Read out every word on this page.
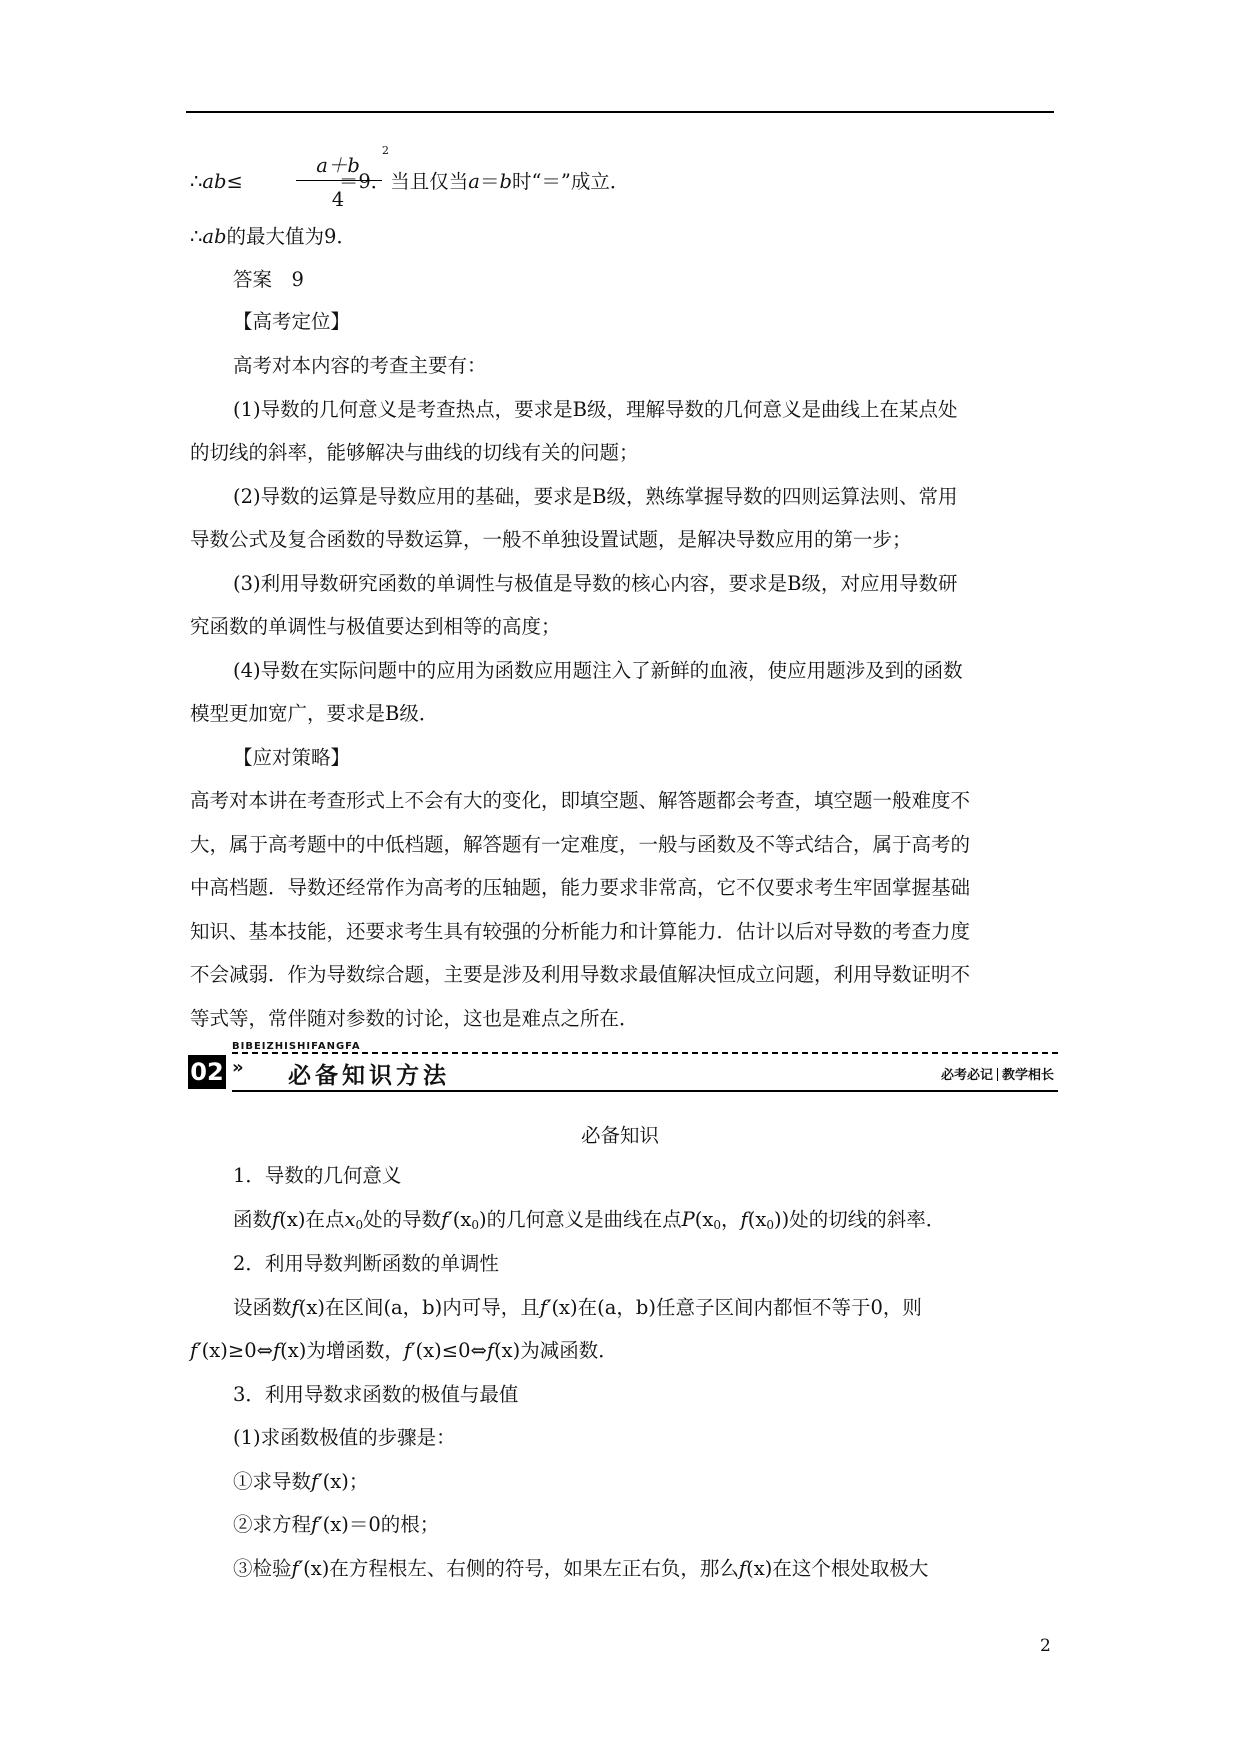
∴ab≤	＝9．当且仅当a＝b时“＝”成立．
a＋b
2
4
∴ab的最大值为9．
答案　9
【高考定位】
高考对本内容的考查主要有：
(1)导数的几何意义是考查热点，要求是B级，理解导数的几何意义是曲线上在某点处
的切线的斜率，能够解决与曲线的切线有关的问题；
(2)导数的运算是导数应用的基础，要求是B级，熟练掌握导数的四则运算法则、常用
导数公式及复合函数的导数运算，一般不单独设置试题，是解决导数应用的第一步；
(3)利用导数研究函数的单调性与极值是导数的核心内容，要求是B级，对应用导数研
究函数的单调性与极值要达到相等的高度；
(4)导数在实际问题中的应用为函数应用题注入了新鲜的血液，使应用题涉及到的函数
模型更加宽广，要求是B级．
【应对策略】
高考对本讲在考查形式上不会有大的变化，即填空题、解答题都会考查，填空题一般难度不
大，属于高考题中的中低档题，解答题有一定难度，一般与函数及不等式结合，属于高考的
中高档题．导数还经常作为高考的压轴题，能力要求非常高，它不仅要求考生牢固掌握基础
知识、基本技能，还要求考生具有较强的分析能力和计算能力．估计以后对导数的考查力度
不会减弱．作为导数综合题，主要是涉及利用导数求最值解决恒成立问题，利用导数证明不
等式等，常伴随对参数的讨论，这也是难点之所在．
02
BIBEIZHISHIFANGFA
» 必备知识方法	必考必记 教学相长
必备知识
1．导数的几何意义
函数f(x)在点$x_0$处的导数$f'(x_0)$的几何意义是曲线在点$P(x_0$，$f(x_0)$)处的切线的斜率．
2．利用导数判断函数的单调性
设函数f(x)在区间(a，b)内可导，且f′(x)在(a，b)任意子区间内都恒不等于0，则
f′(x)≥0⇔f(x)为增函数，f′(x)≤0⇔f(x)为减函数．
3．利用导数求函数的极值与最值
(1)求函数极值的步骤是：
①求导数f′(x)；
②求方程f′(x)＝0的根；
③检验f′(x)在方程根左、右侧的符号，如果左正右负，那么f(x)在这个根处取极大
2
